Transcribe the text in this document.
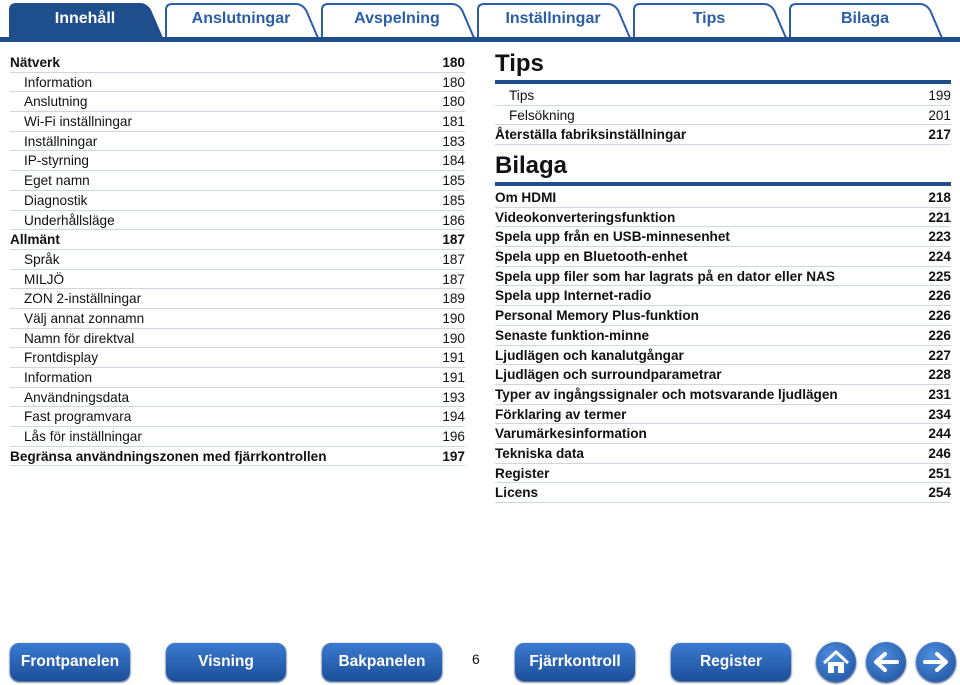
Innehåll	Anslutningar	Avspelning	Inställningar	Tips	Bilaga
Nätverk	180
Information	180
Anslutning	180
Wi-Fi inställningar	181
Inställningar	183
IP-styrning	184
Eget namn	185
Diagnostik	185
Underhållsläge	186
Allmänt	187
Språk	187
MILJÖ	187
ZON 2-inställningar	189
Välj annat zonnamn	190
Namn för direktval	190
Frontdisplay	191
Information	191
Användningsdata	193
Fast programvara	194
Lås för inställningar	196
Begränsa användningszonen med fjärrkontrollen	197
Tips
Tips	199
Felsökning	201
Återställa fabriksinställningar	217
Bilaga
Om HDMI	218
Videokonverteringsfunktion	221
Spela upp från en USB-minnesenhet	223
Spela upp en Bluetooth-enhet	224
Spela upp filer som har lagrats på en dator eller NAS	225
Spela upp Internet-radio	226
Personal Memory Plus-funktion	226
Senaste funktion-minne	226
Ljudlägen och kanalutgångar	227
Ljudlägen och surroundparametrar	228
Typer av ingångssignaler och motsvarande ljudlägen	231
Förklaring av termer	234
Varumärkesinformation	244
Tekniska data	246
Register	251
Licens	254
Frontpanelen	Visning	Bakpanelen	6	Fjärrkontroll	Register
